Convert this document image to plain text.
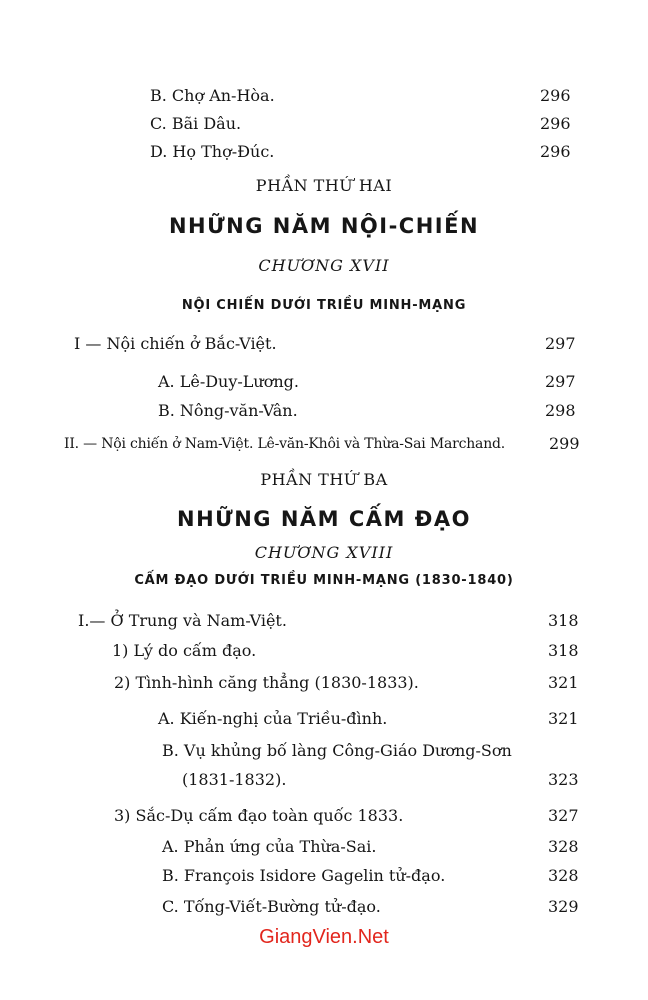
B. Chợ An-Hòa.	296
C. Bãi Dâu.	296
D. Họ Thợ-Đúc.	296
PHẦN THỨ HAI
NHỮNG NĂM NỘI-CHIẾN
CHƯƠNG XVII
NỘI CHIẾN DƯỚI TRIỀU MINH-MẠNG
I — Nội chiến ở Bắc-Việt.	297
A. Lê-Duy-Lương.	297
B. Nông-văn-Vân.	298
II. — Nội chiến ở Nam-Việt. Lê-văn-Khôi và Thừa-Sai Marchand.	299
PHẦN THỨ BA
NHỮNG NĂM CẤM ĐẠO
CHƯƠNG XVIII
CẤM ĐẠO DƯỚI TRIỀU MINH-MẠNG (1830-1840)
I.— Ở Trung và Nam-Việt.	318
1) Lý do cấm đạo.	318
2) Tình-hình căng thẳng (1830-1833).	321
A. Kiến-nghị của Triều-đình.	321
B. Vụ khủng bố làng Công-Giáo Dương-Sơn
(1831-1832).	323
3) Sắc-Dụ cấm đạo toàn quốc 1833.	327
A. Phản ứng của Thừa-Sai.	328
B. François Isidore Gagelin tử-đạo.	328
C. Tống-Viết-Bường tử-đạo.	329
GiangVien.Net
